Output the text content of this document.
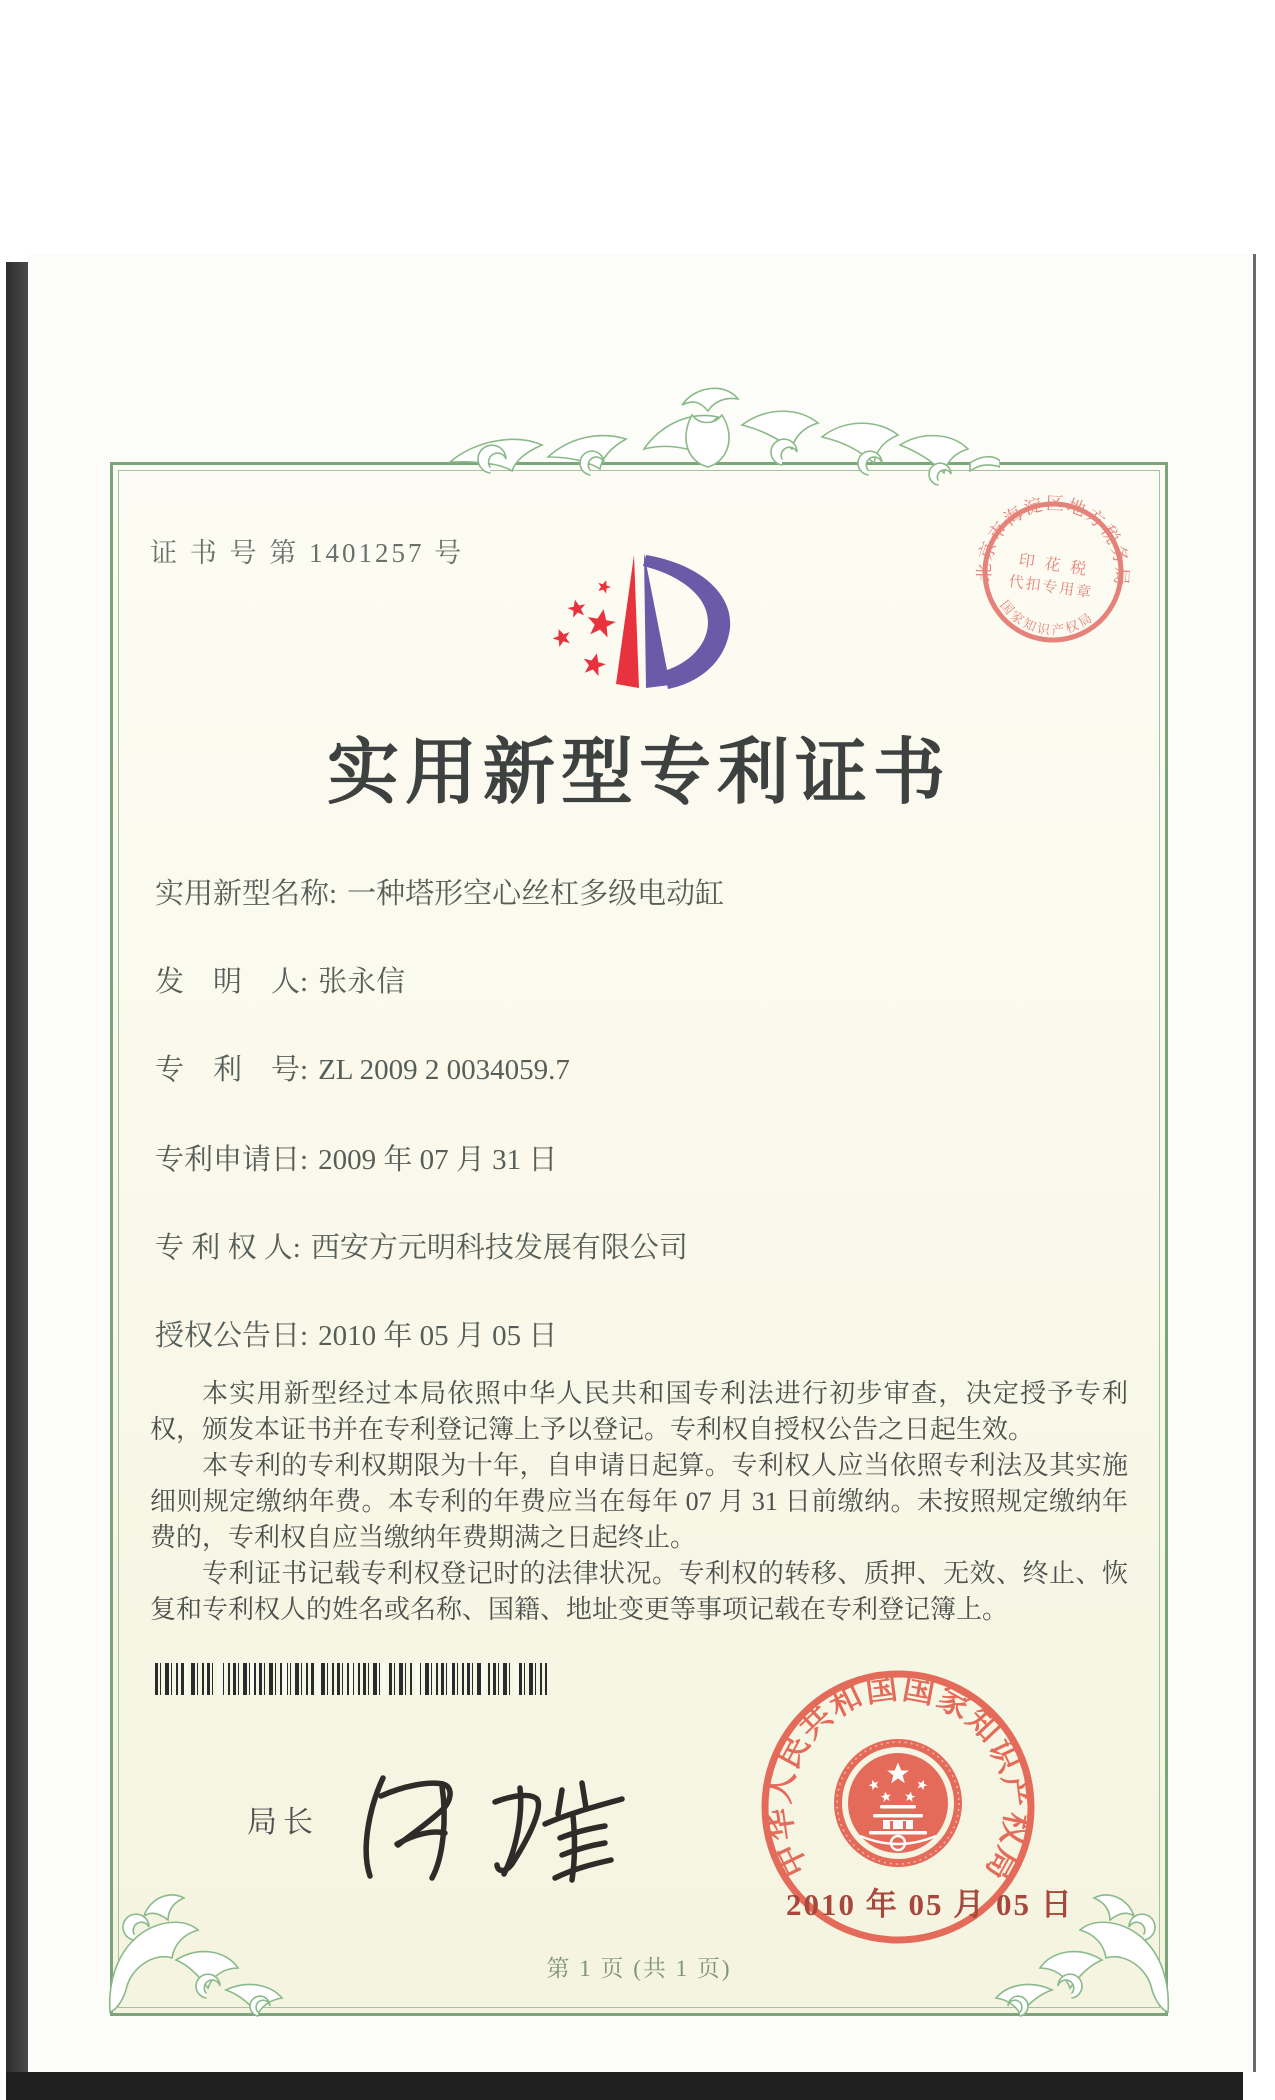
证 书 号 第 1401257 号
实用新型专利证书
实用新型名称: 一种塔形空心丝杠多级电动缸
发　明　人: 张永信
专　利　号: ZL 2009 2 0034059.7
专利申请日: 2009 年 07 月 31 日
专 利 权 人: 西安方元明科技发展有限公司
授权公告日: 2010 年 05 月 05 日

本实用新型经过本局依照中华人民共和国专利法进行初步审查，决定授予专利权，颁发本证书并在专利登记簿上予以登记。专利权自授权公告之日起生效。

本专利的专利权期限为十年，自申请日起算。专利权人应当依照专利法及其实施细则规定缴纳年费。本专利的年费应当在每年 07 月 31 日前缴纳。未按照规定缴纳年费的，专利权自应当缴纳年费期满之日起终止。

专利证书记载专利权登记时的法律状况。专利权的转移、质押、无效、终止、恢复和专利权人的姓名或名称、国籍、地址变更等事项记载在专利登记簿上。

局长
中华人民共和国国家知识产权局
2010 年 05 月 05 日
北京市海淀区地方税务局
国家知识产权局
印 花 税
代扣专用章
第 1 页 (共 1 页)
